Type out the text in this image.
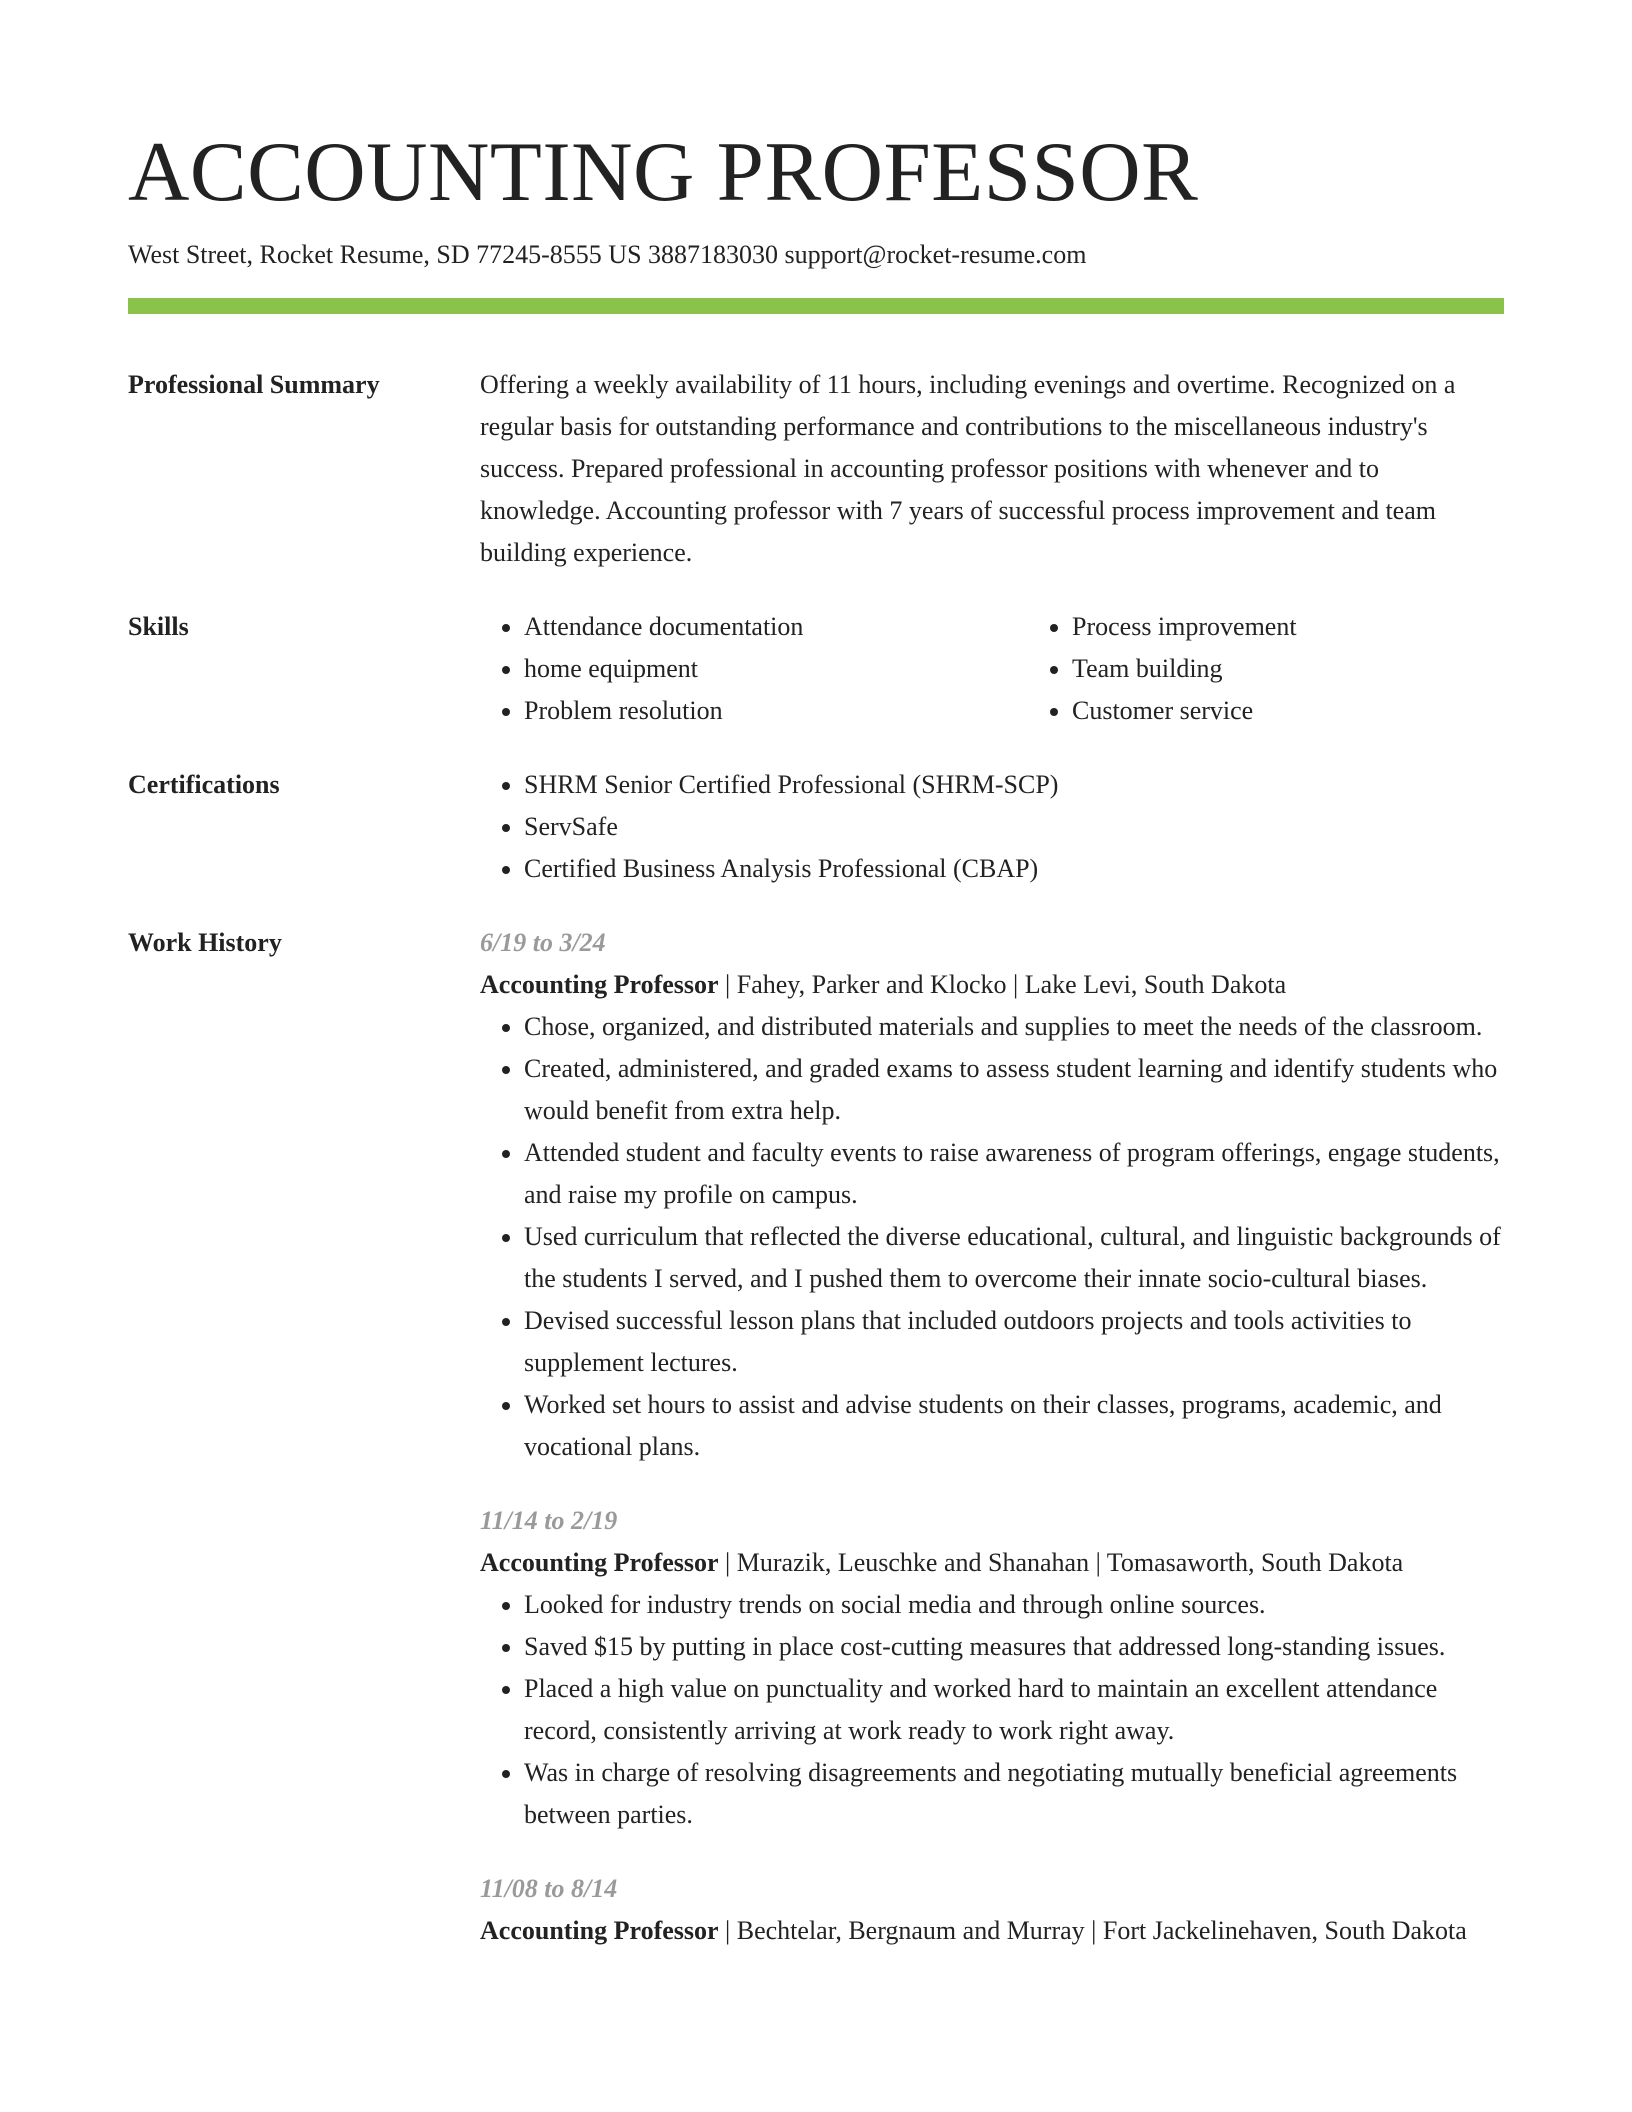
ACCOUNTING PROFESSOR
West Street, Rocket Resume, SD 77245-8555 US 3887183030 support@rocket-resume.com
Professional Summary	Offering a weekly availability of 11 hours, including evenings and overtime. Recognized on a regular basis for outstanding performance and contributions to the miscellaneous industry's success. Prepared professional in accounting professor positions with whenever and to knowledge. Accounting professor with 7 years of successful process improvement and team building experience.
Skills	• Attendance documentation
• home equipment
• Problem resolution
• Process improvement
• Team building
• Customer service
Certifications	• SHRM Senior Certified Professional (SHRM-SCP)
• ServSafe
• Certified Business Analysis Professional (CBAP)
Work History	6/19 to 3/24
Accounting Professor | Fahey, Parker and Klocko | Lake Levi, South Dakota
• Chose, organized, and distributed materials and supplies to meet the needs of the classroom.
• Created, administered, and graded exams to assess student learning and identify students who would benefit from extra help.
• Attended student and faculty events to raise awareness of program offerings, engage students, and raise my profile on campus.
• Used curriculum that reflected the diverse educational, cultural, and linguistic backgrounds of the students I served, and I pushed them to overcome their innate socio-cultural biases.
• Devised successful lesson plans that included outdoors projects and tools activities to supplement lectures.
• Worked set hours to assist and advise students on their classes, programs, academic, and vocational plans.
11/14 to 2/19
Accounting Professor | Murazik, Leuschke and Shanahan | Tomasaworth, South Dakota
• Looked for industry trends on social media and through online sources.
• Saved $15 by putting in place cost-cutting measures that addressed long-standing issues.
• Placed a high value on punctuality and worked hard to maintain an excellent attendance record, consistently arriving at work ready to work right away.
• Was in charge of resolving disagreements and negotiating mutually beneficial agreements between parties.
11/08 to 8/14
Accounting Professor | Bechtelar, Bergnaum and Murray | Fort Jackelinehaven, South Dakota
